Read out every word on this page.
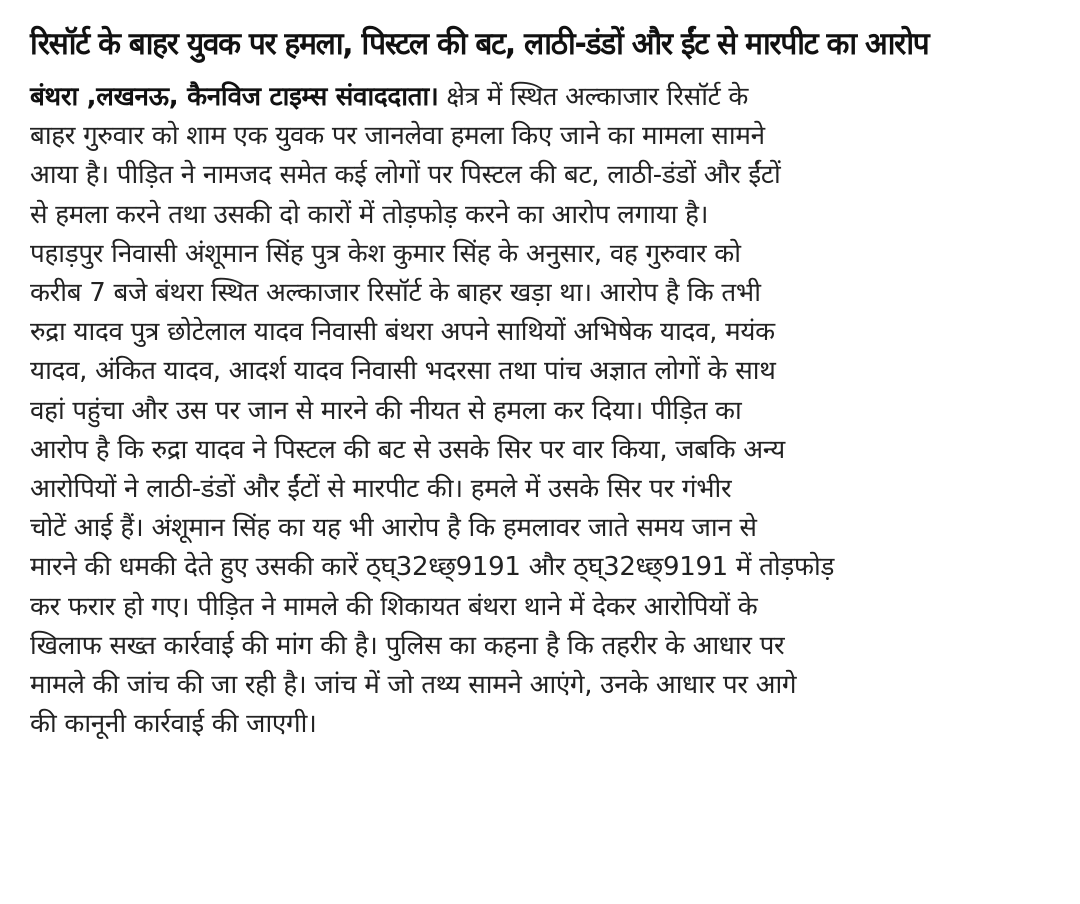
रिसॉर्ट के बाहर युवक पर हमला, पिस्टल की बट, लाठी-डंडों और ईंट से मारपीट का आरोप
बंथरा ,लखनऊ, कैनविज टाइम्स संवाददाता। क्षेत्र में स्थित अल्काजार रिसॉर्ट के
बाहर गुरुवार को शाम एक युवक पर जानलेवा हमला किए जाने का मामला सामने
आया है। पीड़ित ने नामजद समेत कई लोगों पर पिस्टल की बट, लाठी-डंडों और ईंटों
से हमला करने तथा उसकी दो कारों में तोड़फोड़ करने का आरोप लगाया है।
पहाड़पुर निवासी अंशूमान सिंह पुत्र केश कुमार सिंह के अनुसार, वह गुरुवार को
करीब 7 बजे बंथरा स्थित अल्काजार रिसॉर्ट के बाहर खड़ा था। आरोप है कि तभी
रुद्रा यादव पुत्र छोटेलाल यादव निवासी बंथरा अपने साथियों अभिषेक यादव, मयंक
यादव, अंकित यादव, आदर्श यादव निवासी भदरसा तथा पांच अज्ञात लोगों के साथ
वहां पहुंचा और उस पर जान से मारने की नीयत से हमला कर दिया। पीड़ित का
आरोप है कि रुद्रा यादव ने पिस्टल की बट से उसके सिर पर वार किया, जबकि अन्य
आरोपियों ने लाठी-डंडों और ईंटों से मारपीट की। हमले में उसके सिर पर गंभीर
चोटें आई हैं। अंशूमान सिंह का यह भी आरोप है कि हमलावर जाते समय जान से
मारने की धमकी देते हुए उसकी कारें ठ्घ्32ध्छ्9191 और ठ्घ्32ध्छ्9191 में तोड़फोड़
कर फरार हो गए। पीड़ित ने मामले की शिकायत बंथरा थाने में देकर आरोपियों के
खिलाफ सख्त कार्रवाई की मांग की है। पुलिस का कहना है कि तहरीर के आधार पर
मामले की जांच की जा रही है। जांच में जो तथ्य सामने आएंगे, उनके आधार पर आगे
की कानूनी कार्रवाई की जाएगी।
